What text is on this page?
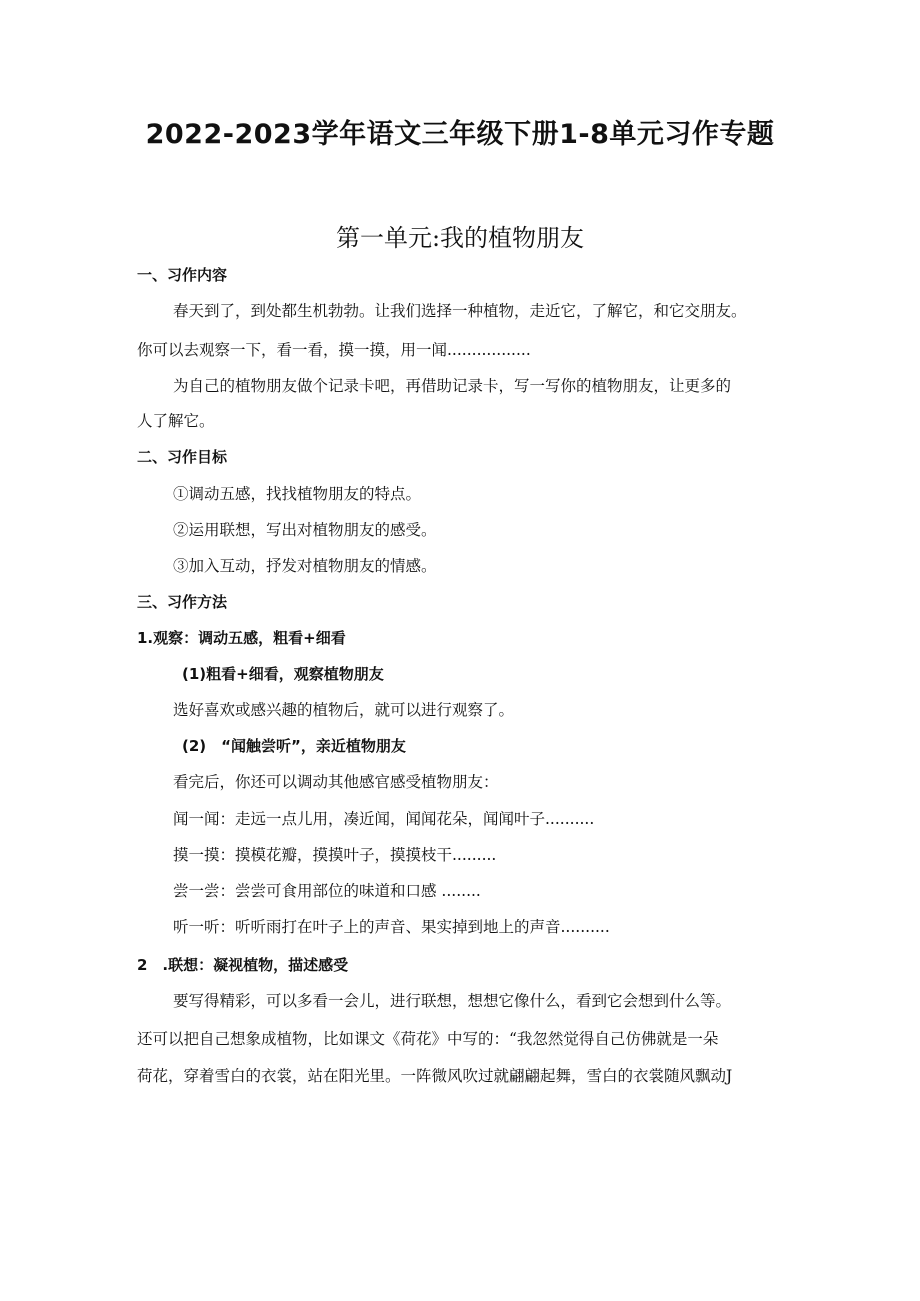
2022-2023学年语文三年级下册1-8单元习作专题
第一单元:我的植物朋友
一、习作内容
春天到了，到处都生机勃勃。让我们选择一种植物，走近它，了解它，和它交朋友。
你可以去观察一下，看一看，摸一摸，用一闻.................
为自己的植物朋友做个记录卡吧，再借助记录卡，写一写你的植物朋友，让更多的
人了解它。
二、习作目标
①调动五感，找找植物朋友的特点。
②运用联想，写出对植物朋友的感受。
③加入互动，抒发对植物朋友的情感。
三、习作方法
1.观察：调动五感，粗看+细看
(1)粗看+细看，观察植物朋友
选好喜欢或感兴趣的植物后，就可以进行观察了。
(2)　“闻触尝听”，亲近植物朋友
看完后，你还可以调动其他感官感受植物朋友：
闻一闻：走远一点儿用，凑近闻，闻闻花朵，闻闻叶子..........
摸一摸：摸模花瓣，摸摸叶子，摸摸枝干.........
尝一尝：尝尝可食用部位的味道和口感 ........
听一听：听听雨打在叶子上的声音、果实掉到地上的声音..........
2　.联想：凝视植物，描述感受
要写得精彩，可以多看一会儿，进行联想，想想它像什么，看到它会想到什么等。
还可以把自己想象成植物，比如课文《荷花》中写的：“我忽然觉得自己仿佛就是一朵
荷花，穿着雪白的衣裳，站在阳光里。一阵微风吹过就翩翩起舞，雪白的衣裳随风飘动J
